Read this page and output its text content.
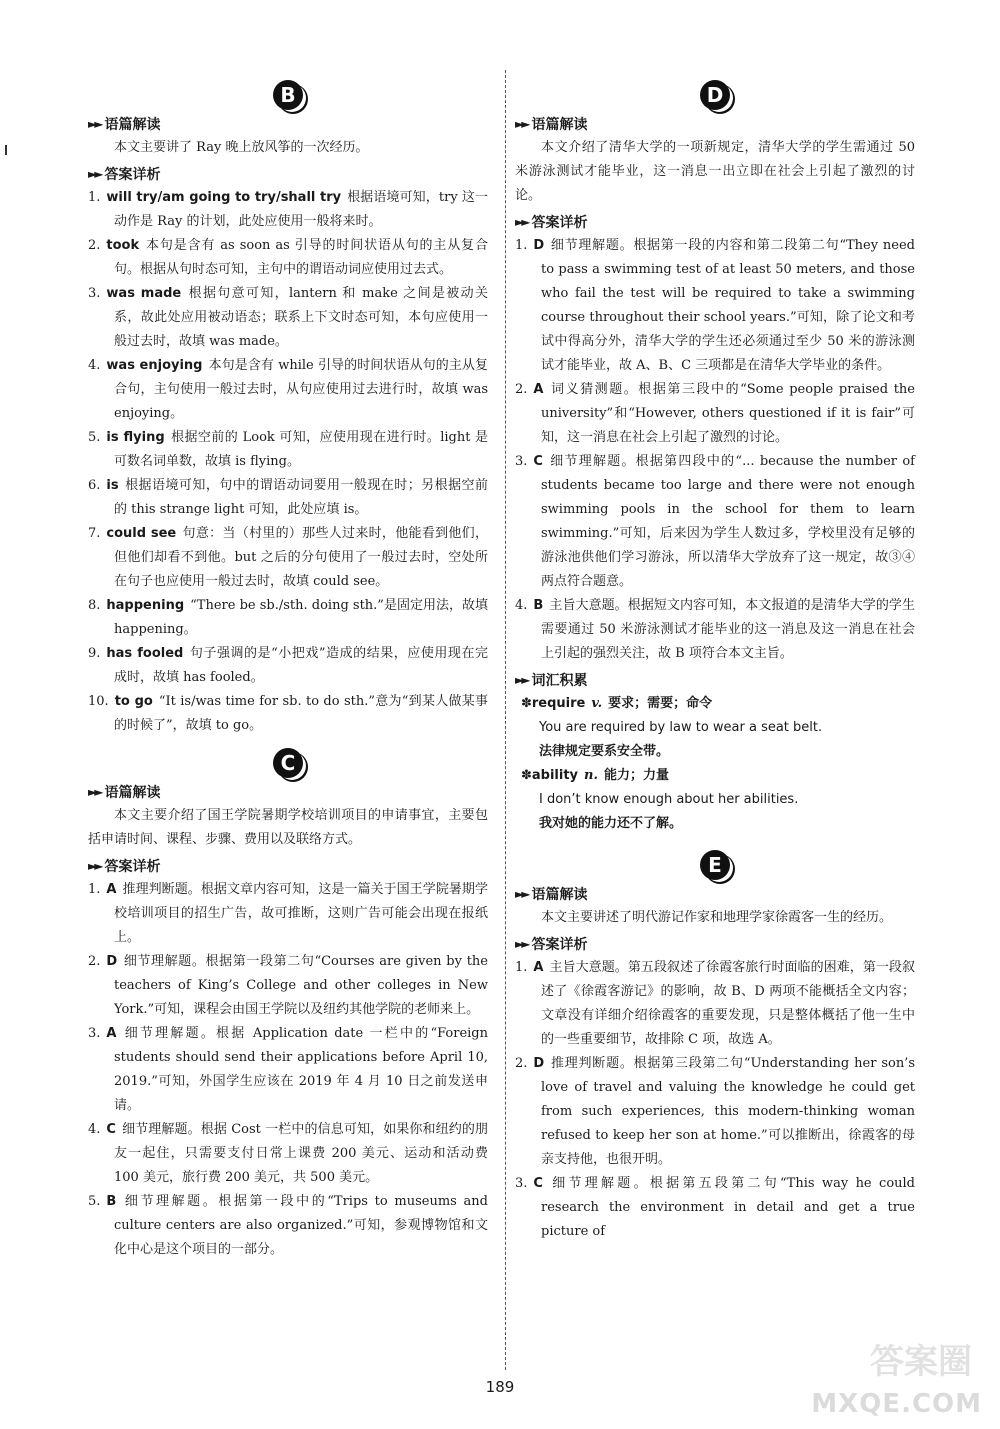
B
►► 语篇解读

本文主要讲了 Ray 晚上放风筝的一次经历。

►► 答案详析

1. will try/am going to try/shall try 根据语境可知，try 这一动作是 Ray 的计划，此处应使用一般将来时。

2. took 本句是含有 as soon as 引导的时间状语从句的主从复合句。根据从句时态可知，主句中的谓语动词应使用过去式。

3. was made 根据句意可知，lantern 和 make 之间是被动关系，故此处应用被动语态；联系上下文时态可知，本句应使用一般过去时，故填 was made。

4. was enjoying 本句是含有 while 引导的时间状语从句的主从复合句，主句使用一般过去时，从句应使用过去进行时，故填 was enjoying。

5. is flying 根据空前的 Look 可知，应使用现在进行时。light 是可数名词单数，故填 is flying。

6. is 根据语境可知，句中的谓语动词要用一般现在时；另根据空前的 this strange light 可知，此处应填 is。

7. could see 句意：当（村里的）那些人过来时，他能看到他们，但他们却看不到他。but 之后的分句使用了一般过去时，空处所在句子也应使用一般过去时，故填 could see。

8. happening “There be sb./sth. doing sth.”是固定用法，故填 happening。

9. has fooled 句子强调的是“小把戏”造成的结果，应使用现在完成时，故填 has fooled。

10. to go “It is/was time for sb. to do sth.”意为“到某人做某事的时候了”，故填 to go。

C
►► 语篇解读

本文主要介绍了国王学院暑期学校培训项目的申请事宜，主要包括申请时间、课程、步骤、费用以及联络方式。

►► 答案详析

1. A 推理判断题。根据文章内容可知，这是一篇关于国王学院暑期学校培训项目的招生广告，故可推断，这则广告可能会出现在报纸上。

2. D 细节理解题。根据第一段第二句“Courses are given by the teachers of King’s College and other colleges in New York.”可知，课程会由国王学院以及纽约其他学院的老师来上。

3. A 细节理解题。根据 Application date 一栏中的“Foreign students should send their applications before April 10, 2019.”可知，外国学生应该在 2019 年 4 月 10 日之前发送申请。

4. C 细节理解题。根据 Cost 一栏中的信息可知，如果你和纽约的朋友一起住，只需要支付日常上课费 200 美元、运动和活动费 100 美元，旅行费 200 美元，共 500 美元。

5. B 细节理解题。根据第一段中的“Trips to museums and culture centers are also organized.”可知，参观博物馆和文化中心是这个项目的一部分。

D
►► 语篇解读

本文介绍了清华大学的一项新规定，清华大学的学生需通过 50 米游泳测试才能毕业，这一消息一出立即在社会上引起了激烈的讨论。

►► 答案详析

1. D 细节理解题。根据第一段的内容和第二段第二句“They need to pass a swimming test of at least 50 meters, and those who fail the test will be required to take a swimming course throughout their school years.”可知，除了论文和考试中得高分外，清华大学的学生还必须通过至少 50 米的游泳测试才能毕业，故 A、B、C 三项都是在清华大学毕业的条件。

2. A 词义猜测题。根据第三段中的“Some people praised the university”和“However, others questioned if it is fair”可知，这一消息在社会上引起了激烈的讨论。

3. C 细节理解题。根据第四段中的“... because the number of students became too large and there were not enough swimming pools in the school for them to learn swimming.”可知，后来因为学生人数过多，学校里没有足够的游泳池供他们学习游泳，所以清华大学放弃了这一规定，故③④两点符合题意。

4. B 主旨大意题。根据短文内容可知，本文报道的是清华大学的学生需要通过 50 米游泳测试才能毕业的这一消息及这一消息在社会上引起的强烈关注，故 B 项符合本文主旨。

►► 词汇积累

✽require v. 要求；需要；命令

You are required by law to wear a seat belt.

法律规定要系安全带。

✽ability n. 能力；力量

I don’t know enough about her abilities.

我对她的能力还不了解。

E
►► 语篇解读

本文主要讲述了明代游记作家和地理学家徐霞客一生的经历。

►► 答案详析

1. A 主旨大意题。第五段叙述了徐霞客旅行时面临的困难，第一段叙述了《徐霞客游记》的影响，故 B、D 两项不能概括全文内容；文章没有详细介绍徐霞客的重要发现，只是整体概括了他一生中的一些重要细节，故排除 C 项，故选 A。

2. D 推理判断题。根据第三段第二句“Understanding her son’s love of travel and valuing the knowledge he could get from such experiences, this modern-thinking woman refused to keep her son at home.”可以推断出，徐霞客的母亲支持他，也很开明。

3. C 细节理解题。根据第五段第二句“This way he could research the environment in detail and get a true picture of

189
答案圈
MXQE.COM
